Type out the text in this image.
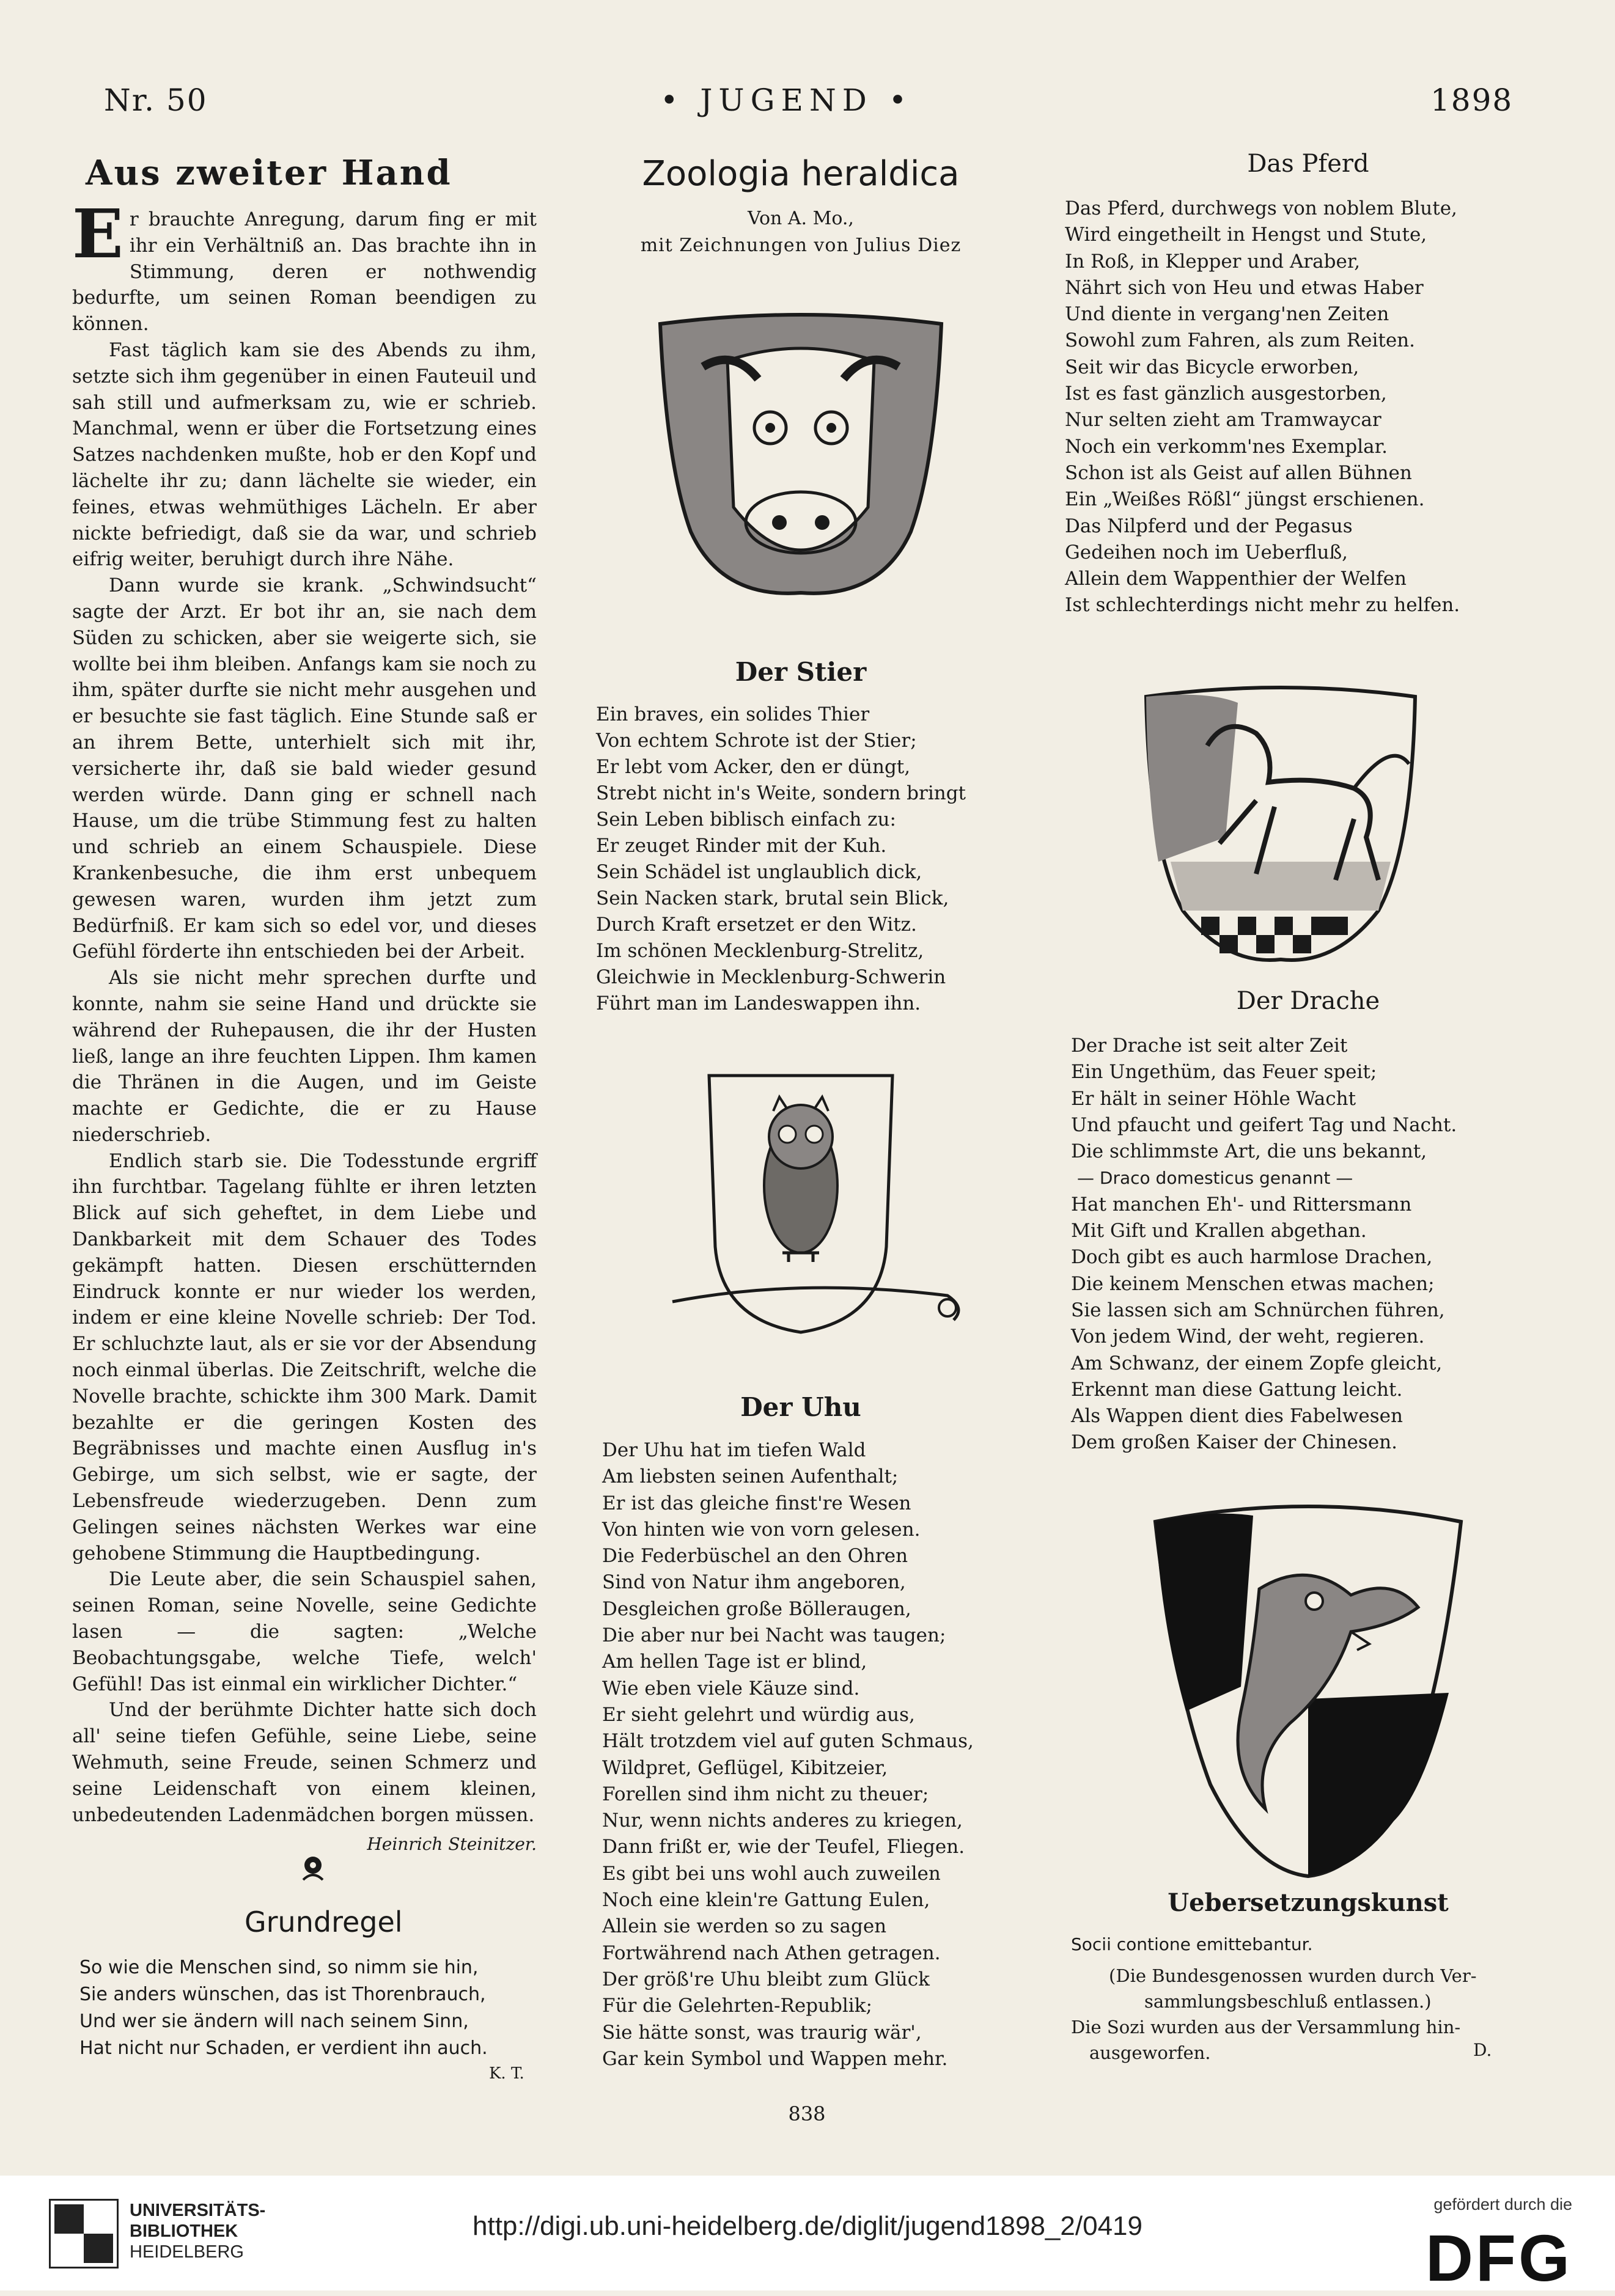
Nr. 50	• JUGEND •	1898
Aus zweiter Hand

Er brauchte Anregung, darum fing er mit ihr ein Verhältniß an. Das brachte ihn in Stimmung, deren er nothwendig bedurfte, um seinen Roman beendigen zu können.

Fast täglich kam sie des Abends zu ihm, setzte sich ihm gegenüber in einen Fauteuil und sah still und aufmerksam zu, wie er schrieb. Manchmal, wenn er über die Fortsetzung eines Satzes nachdenken mußte, hob er den Kopf und lächelte ihr zu; dann lächelte sie wieder, ein feines, etwas wehmüthiges Lächeln. Er aber nickte befriedigt, daß sie da war, und schrieb eifrig weiter, beruhigt durch ihre Nähe.

Dann wurde sie krank. „Schwindsucht“ sagte der Arzt. Er bot ihr an, sie nach dem Süden zu schicken, aber sie weigerte sich, sie wollte bei ihm bleiben. Anfangs kam sie noch zu ihm, später durfte sie nicht mehr ausgehen und er besuchte sie fast täglich. Eine Stunde saß er an ihrem Bette, unterhielt sich mit ihr, versicherte ihr, daß sie bald wieder gesund werden würde. Dann ging er schnell nach Hause, um die trübe Stimmung fest zu halten und schrieb an einem Schauspiele. Diese Krankenbesuche, die ihm erst unbequem gewesen waren, wurden ihm jetzt zum Bedürfniß. Er kam sich so edel vor, und dieses Gefühl förderte ihn entschieden bei der Arbeit.

Als sie nicht mehr sprechen durfte und konnte, nahm sie seine Hand und drückte sie während der Ruhepausen, die ihr der Husten ließ, lange an ihre feuchten Lippen. Ihm kamen die Thränen in die Augen, und im Geiste machte er Gedichte, die er zu Hause niederschrieb.

Endlich starb sie. Die Todesstunde ergriff ihn furchtbar. Tagelang fühlte er ihren letzten Blick auf sich geheftet, in dem Liebe und Dankbarkeit mit dem Schauer des Todes gekämpft hatten. Diesen erschütternden Eindruck konnte er nur wieder los werden, indem er eine kleine Novelle schrieb: Der Tod. Er schluchzte laut, als er sie vor der Absendung noch einmal überlas. Die Zeitschrift, welche die Novelle brachte, schickte ihm 300 Mark. Damit bezahlte er die geringen Kosten des Begräbnisses und machte einen Ausflug in's Gebirge, um sich selbst, wie er sagte, der Lebensfreude wiederzugeben. Denn zum Gelingen seines nächsten Werkes war eine gehobene Stimmung die Hauptbedingung.

Die Leute aber, die sein Schauspiel sahen, seinen Roman, seine Novelle, seine Gedichte lasen — die sagten: „Welche Beobachtungsgabe, welche Tiefe, welch' Gefühl! Das ist einmal ein wirklicher Dichter.“

Und der berühmte Dichter hatte sich doch all' seine tiefen Gefühle, seine Liebe, seine Wehmuth, seine Freude, seinen Schmerz und seine Leidenschaft von einem kleinen, unbedeutenden Ladenmädchen borgen müssen.

Heinrich Steinitzer.

Grundregel

So wie die Menschen sind, so nimm sie hin,

Sie anders wünschen, das ist Thorenbrauch,

Und wer sie ändern will nach seinem Sinn,

Hat nicht nur Schaden, er verdient ihn auch.

K. T.
Zoologia heraldica
Von A. Mo.,
mit Zeichnungen von Julius Diez
Der Stier

Ein braves, ein solides Thier

Von echtem Schrote ist der Stier;

Er lebt vom Acker, den er düngt,

Strebt nicht in's Weite, sondern bringt

Sein Leben biblisch einfach zu:

Er zeuget Rinder mit der Kuh.

Sein Schädel ist unglaublich dick,

Sein Nacken stark, brutal sein Blick,

Durch Kraft ersetzet er den Witz.

Im schönen Mecklenburg-Strelitz,

Gleichwie in Mecklenburg-Schwerin

Führt man im Landeswappen ihn.

Der Uhu

Der Uhu hat im tiefen Wald

Am liebsten seinen Aufenthalt;

Er ist das gleiche finst're Wesen

Von hinten wie von vorn gelesen.

Die Federbüschel an den Ohren

Sind von Natur ihm angeboren,

Desgleichen große Bölleraugen,

Die aber nur bei Nacht was taugen;

Am hellen Tage ist er blind,

Wie eben viele Käuze sind.

Er sieht gelehrt und würdig aus,

Hält trotzdem viel auf guten Schmaus,

Wildpret, Geflügel, Kibitzeier,

Forellen sind ihm nicht zu theuer;

Nur, wenn nichts anderes zu kriegen,

Dann frißt er, wie der Teufel, Fliegen.

Es gibt bei uns wohl auch zuweilen

Noch eine klein're Gattung Eulen,

Allein sie werden so zu sagen

Fortwährend nach Athen getragen.

Der größ're Uhu bleibt zum Glück

Für die Gelehrten-Republik;

Sie hätte sonst, was traurig wär',

Gar kein Symbol und Wappen mehr.

838
Das Pferd

Das Pferd, durchwegs von noblem Blute,

Wird eingetheilt in Hengst und Stute,

In Roß, in Klepper und Araber,

Nährt sich von Heu und etwas Haber

Und diente in vergang'nen Zeiten

Sowohl zum Fahren, als zum Reiten.

Seit wir das Bicycle erworben,

Ist es fast gänzlich ausgestorben,

Nur selten zieht am Tramwaycar

Noch ein verkomm'nes Exemplar.

Schon ist als Geist auf allen Bühnen

Ein „Weißes Rößl“ jüngst erschienen.

Das Nilpferd und der Pegasus

Gedeihen noch im Ueberfluß,

Allein dem Wappenthier der Welfen

Ist schlechterdings nicht mehr zu helfen.

Der Drache

Der Drache ist seit alter Zeit

Ein Ungethüm, das Feuer speit;

Er hält in seiner Höhle Wacht

Und pfaucht und geifert Tag und Nacht.

Die schlimmste Art, die uns bekannt,

— Draco domesticus genannt —

Hat manchen Eh'- und Rittersmann

Mit Gift und Krallen abgethan.

Doch gibt es auch harmlose Drachen,

Die keinem Menschen etwas machen;

Sie lassen sich am Schnürchen führen,

Von jedem Wind, der weht, regieren.

Am Schwanz, der einem Zopfe gleicht,

Erkennt man diese Gattung leicht.

Als Wappen dient dies Fabelwesen

Dem großen Kaiser der Chinesen.

Uebersetzungskunst
Socii contione emittebantur.

(Die Bundesgenossen wurden durch Ver-

sammlungsbeschluß entlassen.)

Die Sozi wurden aus der Versammlung hin-

ausgeworfen.	D.
UNIVERSITÄTS-
BIBLIOTHEK
HEIDELBERG
http://digi.ub.uni-heidelberg.de/diglit/jugend1898_2/0419
gefördert durch die
DFG
